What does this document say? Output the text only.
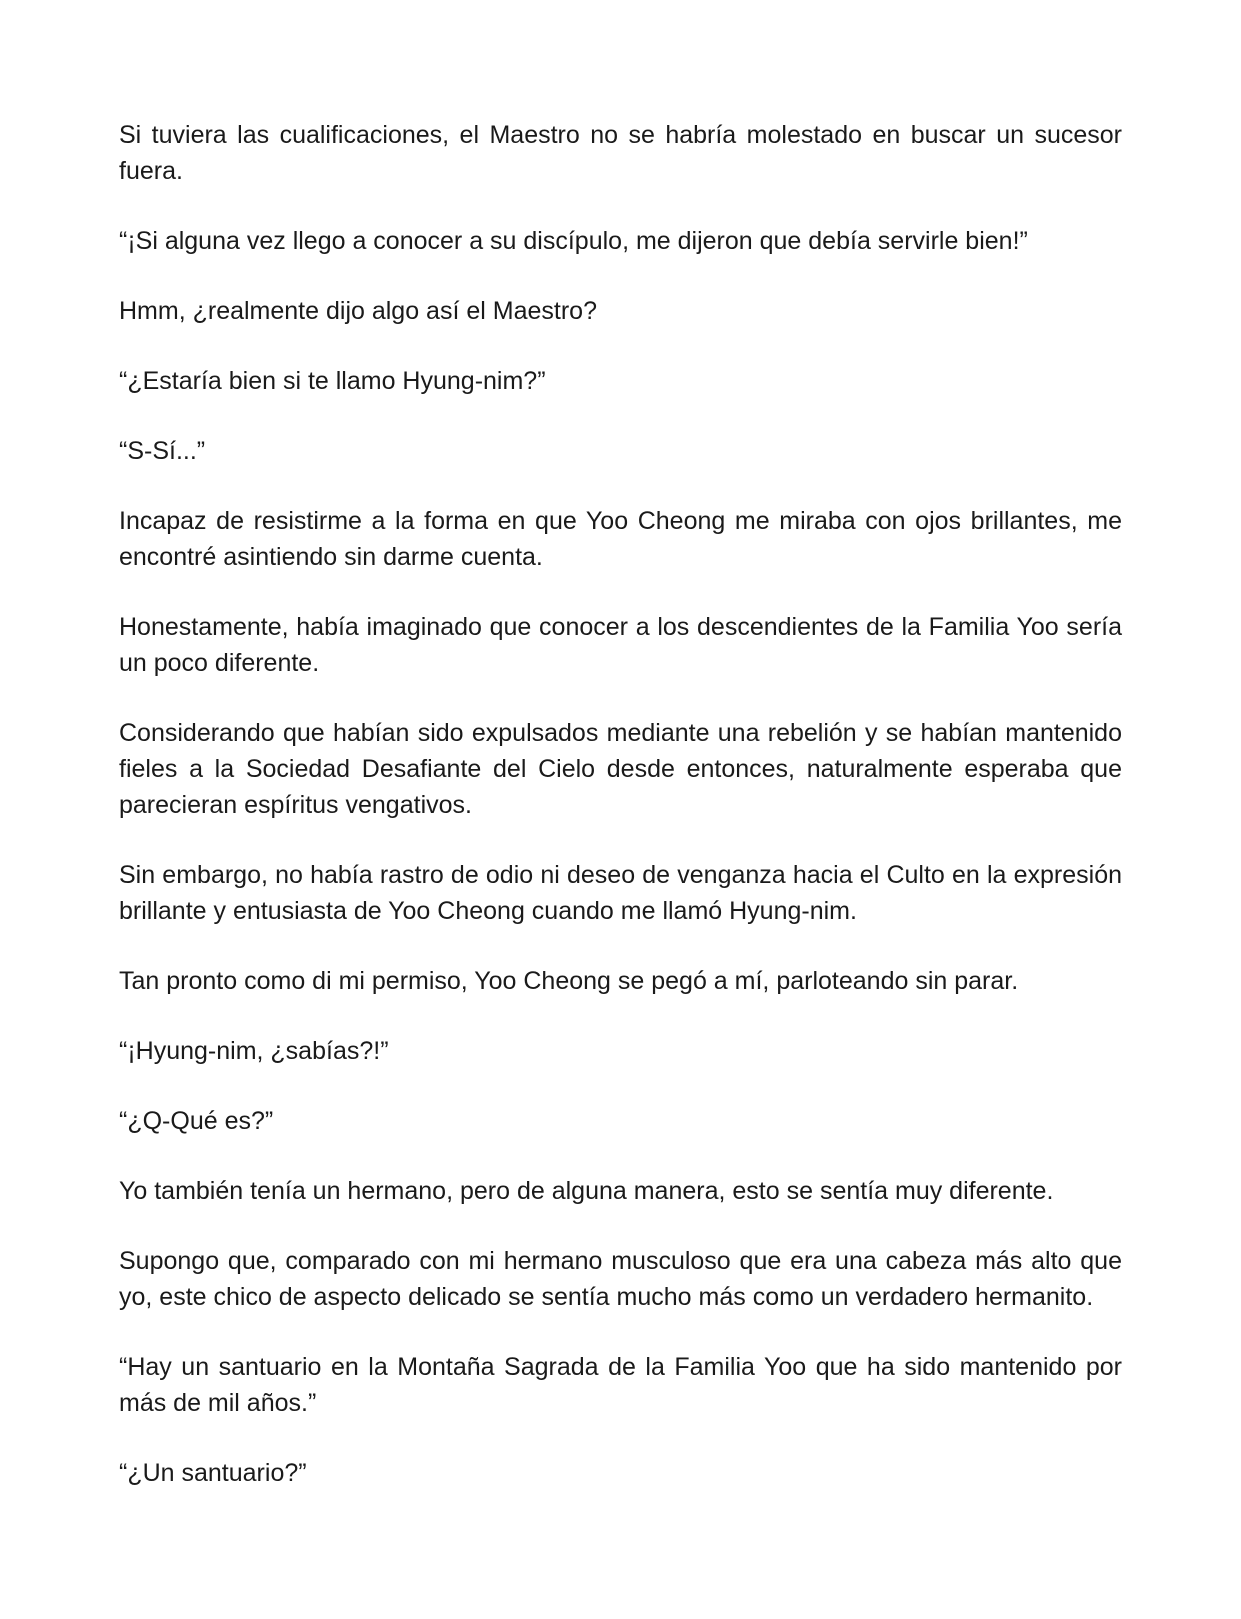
Si tuviera las cualificaciones, el Maestro no se habría molestado en buscar un sucesor fuera.

“¡Si alguna vez llego a conocer a su discípulo, me dijeron que debía servirle bien!”

Hmm, ¿realmente dijo algo así el Maestro?

“¿Estaría bien si te llamo Hyung-nim?”

“S-Sí...”

Incapaz de resistirme a la forma en que Yoo Cheong me miraba con ojos brillantes, me encontré asintiendo sin darme cuenta.

Honestamente, había imaginado que conocer a los descendientes de la Familia Yoo sería un poco diferente.

Considerando que habían sido expulsados mediante una rebelión y se habían mantenido fieles a la Sociedad Desafiante del Cielo desde entonces, naturalmente esperaba que parecieran espíritus vengativos.

Sin embargo, no había rastro de odio ni deseo de venganza hacia el Culto en la expresión brillante y entusiasta de Yoo Cheong cuando me llamó Hyung-nim.

Tan pronto como di mi permiso, Yoo Cheong se pegó a mí, parloteando sin parar.

“¡Hyung-nim, ¿sabías?!”

“¿Q-Qué es?”

Yo también tenía un hermano, pero de alguna manera, esto se sentía muy diferente.

Supongo que, comparado con mi hermano musculoso que era una cabeza más alto que yo, este chico de aspecto delicado se sentía mucho más como un verdadero hermanito.

“Hay un santuario en la Montaña Sagrada de la Familia Yoo que ha sido mantenido por más de mil años.”

“¿Un santuario?”
